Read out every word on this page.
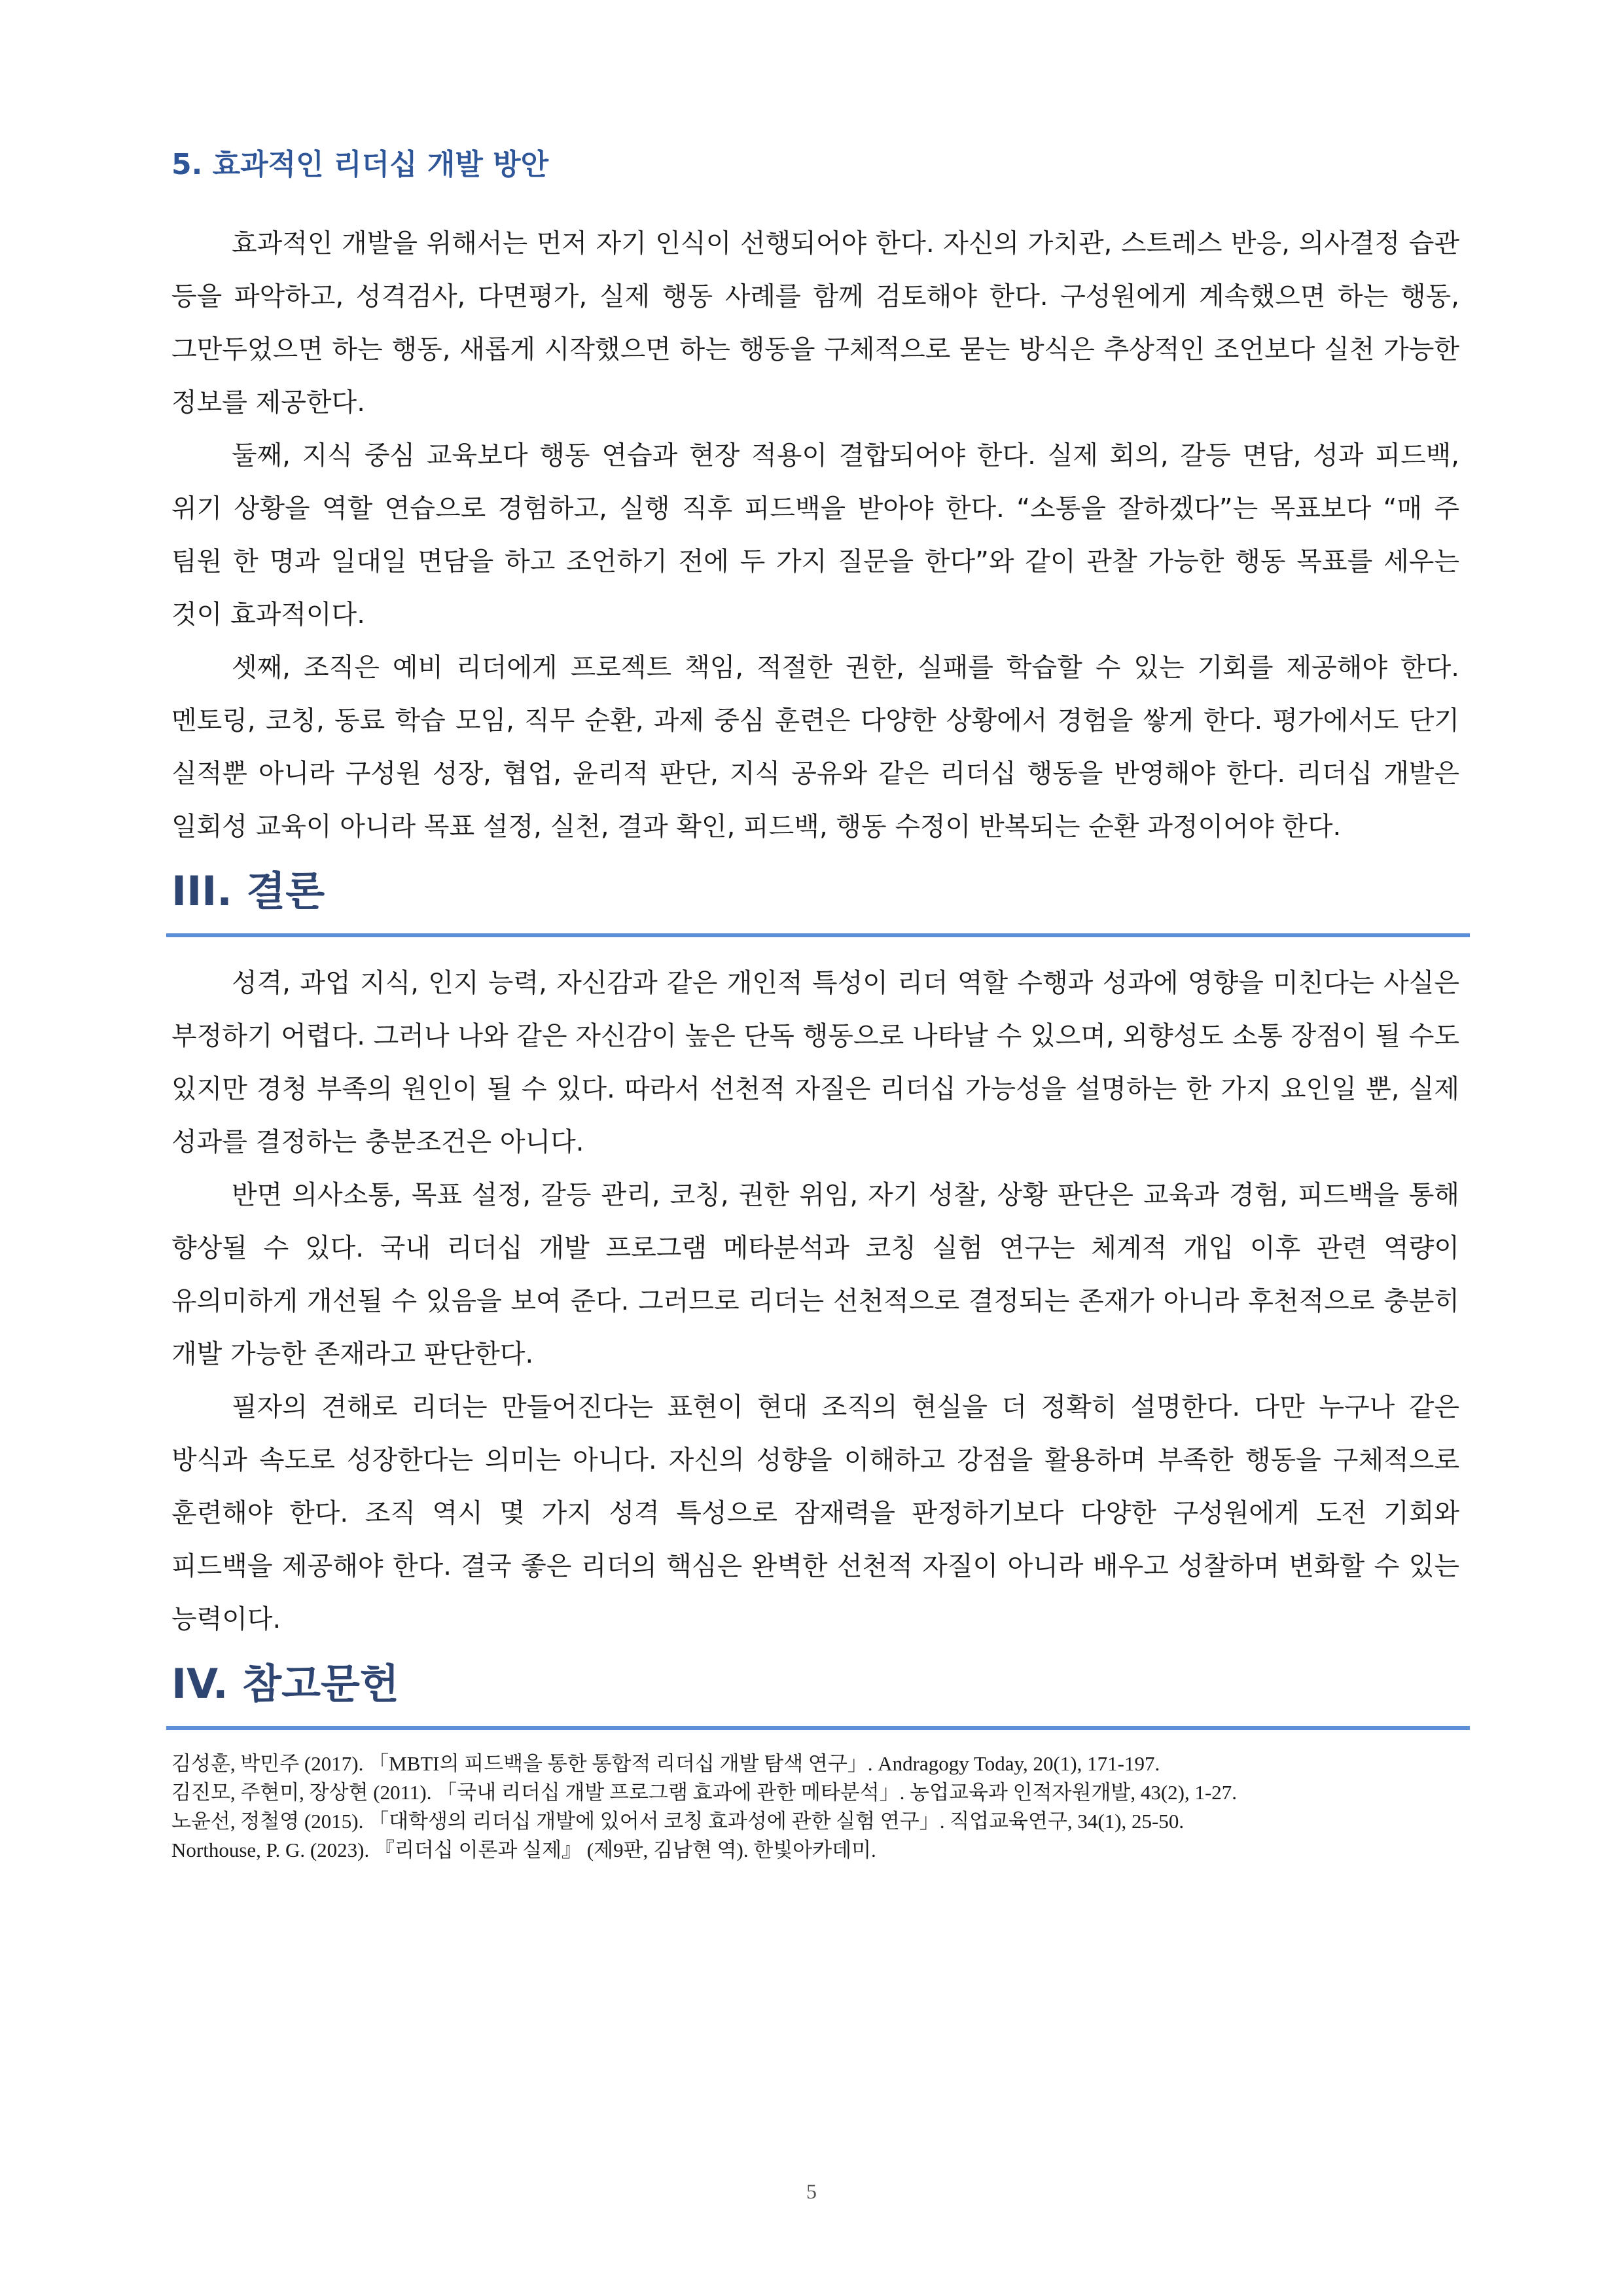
5. 효과적인 리더십 개발 방안

효과적인 개발을 위해서는 먼저 자기 인식이 선행되어야 한다. 자신의 가치관, 스트레스 반응, 의사결정 습관 등을 파악하고, 성격검사, 다면평가, 실제 행동 사례를 함께 검토해야 한다. 구성원에게 계속했으면 하는 행동, 그만두었으면 하는 행동, 새롭게 시작했으면 하는 행동을 구체적으로 묻는 방식은 추상적인 조언보다 실천 가능한 정보를 제공한다.

둘째, 지식 중심 교육보다 행동 연습과 현장 적용이 결합되어야 한다. 실제 회의, 갈등 면담, 성과 피드백, 위기 상황을 역할 연습으로 경험하고, 실행 직후 피드백을 받아야 한다. “소통을 잘하겠다”는 목표보다 “매 주 팀원 한 명과 일대일 면담을 하고 조언하기 전에 두 가지 질문을 한다”와 같이 관찰 가능한 행동 목표를 세우는 것이 효과적이다.

셋째, 조직은 예비 리더에게 프로젝트 책임, 적절한 권한, 실패를 학습할 수 있는 기회를 제공해야 한다. 멘토링, 코칭, 동료 학습 모임, 직무 순환, 과제 중심 훈련은 다양한 상황에서 경험을 쌓게 한다. 평가에서도 단기 실적뿐 아니라 구성원 성장, 협업, 윤리적 판단, 지식 공유와 같은 리더십 행동을 반영해야 한다. 리더십 개발은 일회성 교육이 아니라 목표 설정, 실천, 결과 확인, 피드백, 행동 수정이 반복되는 순환 과정이어야 한다.

III. 결론

성격, 과업 지식, 인지 능력, 자신감과 같은 개인적 특성이 리더 역할 수행과 성과에 영향을 미친다는 사실은 부정하기 어렵다. 그러나 나와 같은 자신감이 높은 단독 행동으로 나타날 수 있으며, 외향성도 소통 장점이 될 수도 있지만 경청 부족의 원인이 될 수 있다. 따라서 선천적 자질은 리더십 가능성을 설명하는 한 가지 요인일 뿐, 실제 성과를 결정하는 충분조건은 아니다.

반면 의사소통, 목표 설정, 갈등 관리, 코칭, 권한 위임, 자기 성찰, 상황 판단은 교육과 경험, 피드백을 통해 향상될 수 있다. 국내 리더십 개발 프로그램 메타분석과 코칭 실험 연구는 체계적 개입 이후 관련 역량이 유의미하게 개선될 수 있음을 보여 준다. 그러므로 리더는 선천적으로 결정되는 존재가 아니라 후천적으로 충분히 개발 가능한 존재라고 판단한다.

필자의 견해로 리더는 만들어진다는 표현이 현대 조직의 현실을 더 정확히 설명한다. 다만 누구나 같은 방식과 속도로 성장한다는 의미는 아니다. 자신의 성향을 이해하고 강점을 활용하며 부족한 행동을 구체적으로 훈련해야 한다. 조직 역시 몇 가지 성격 특성으로 잠재력을 판정하기보다 다양한 구성원에게 도전 기회와 피드백을 제공해야 한다. 결국 좋은 리더의 핵심은 완벽한 선천적 자질이 아니라 배우고 성찰하며 변화할 수 있는 능력이다.

IV. 참고문헌

김성훈, 박민주 (2017). 「MBTI의 피드백을 통한 통합적 리더십 개발 탐색 연구」. Andragogy Today, 20(1), 171-197.

김진모, 주현미, 장상현 (2011). 「국내 리더십 개발 프로그램 효과에 관한 메타분석」. 농업교육과 인적자원개발, 43(2), 1-27.

노윤선, 정철영 (2015). 「대학생의 리더십 개발에 있어서 코칭 효과성에 관한 실험 연구」. 직업교육연구, 34(1), 25-50.

Northouse, P. G. (2023). 『리더십 이론과 실제』 (제9판, 김남현 역). 한빛아카데미.

5
